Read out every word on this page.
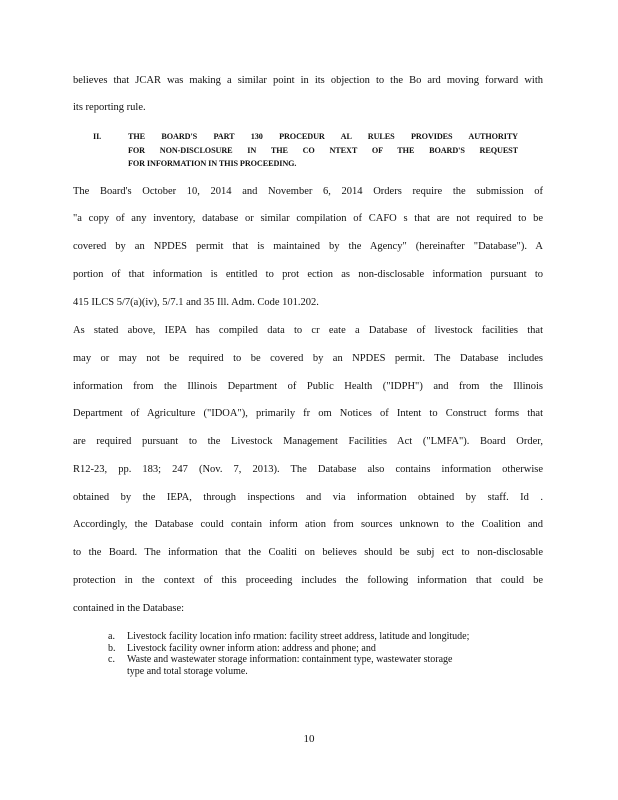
believes that JCAR was making a similar point in its objection to the Bo ard moving forward with
its reporting rule.
II.	THE BOARD'S PART 130 PROCEDUR AL RULES PROVIDES AUTHORITY
FOR NON-DISCLOSURE IN THE CO NTEXT OF THE BOARD'S REQUEST
FOR INFORMATION IN THIS PROCEEDING.
The Board's October 10, 2014 and November 6, 2014 Orders require the submission of
"a copy of any inventory, database or similar compilation of CAFO s that are not required to be
covered by an NPDES permit that is maintained by the Agency" (hereinafter "Database"). A
portion of that information is entitled to prot ection as non-disclosable information pursuant to
415 ILCS 5/7(a)(iv), 5/7.1 and 35 Ill. Adm. Code 101.202.
As stated above, IEPA has compiled data to cr eate a Database of livestock facilities that
may or may not be required to be covered by an NPDES permit. The Database includes
information from the Illinois Department of Public Health ("IDPH") and from the Illinois
Department of Agriculture ("IDOA"), primarily fr om Notices of Intent to Construct forms that
are required pursuant to the Livestock Management Facilities Act ("LMFA"). Board Order,
R12-23, pp. 183; 247 (Nov. 7, 2013). The Database also contains information otherwise
obtained by the IEPA, through inspections and via information obtained by staff. Id .
Accordingly, the Database could contain inform ation from sources unknown to the Coalition and
to the Board. The information that the Coaliti on believes should be subj ect to non-disclosable
protection in the context of this proceeding includes the following information that could be
contained in the Database:
a. Livestock facility location info rmation: facility street address, latitude and longitude;
b. Livestock facility owner inform ation: address and phone; and
c. Waste and wastewater storage information: containment type, wastewater storage
type and total storage volume.
10
